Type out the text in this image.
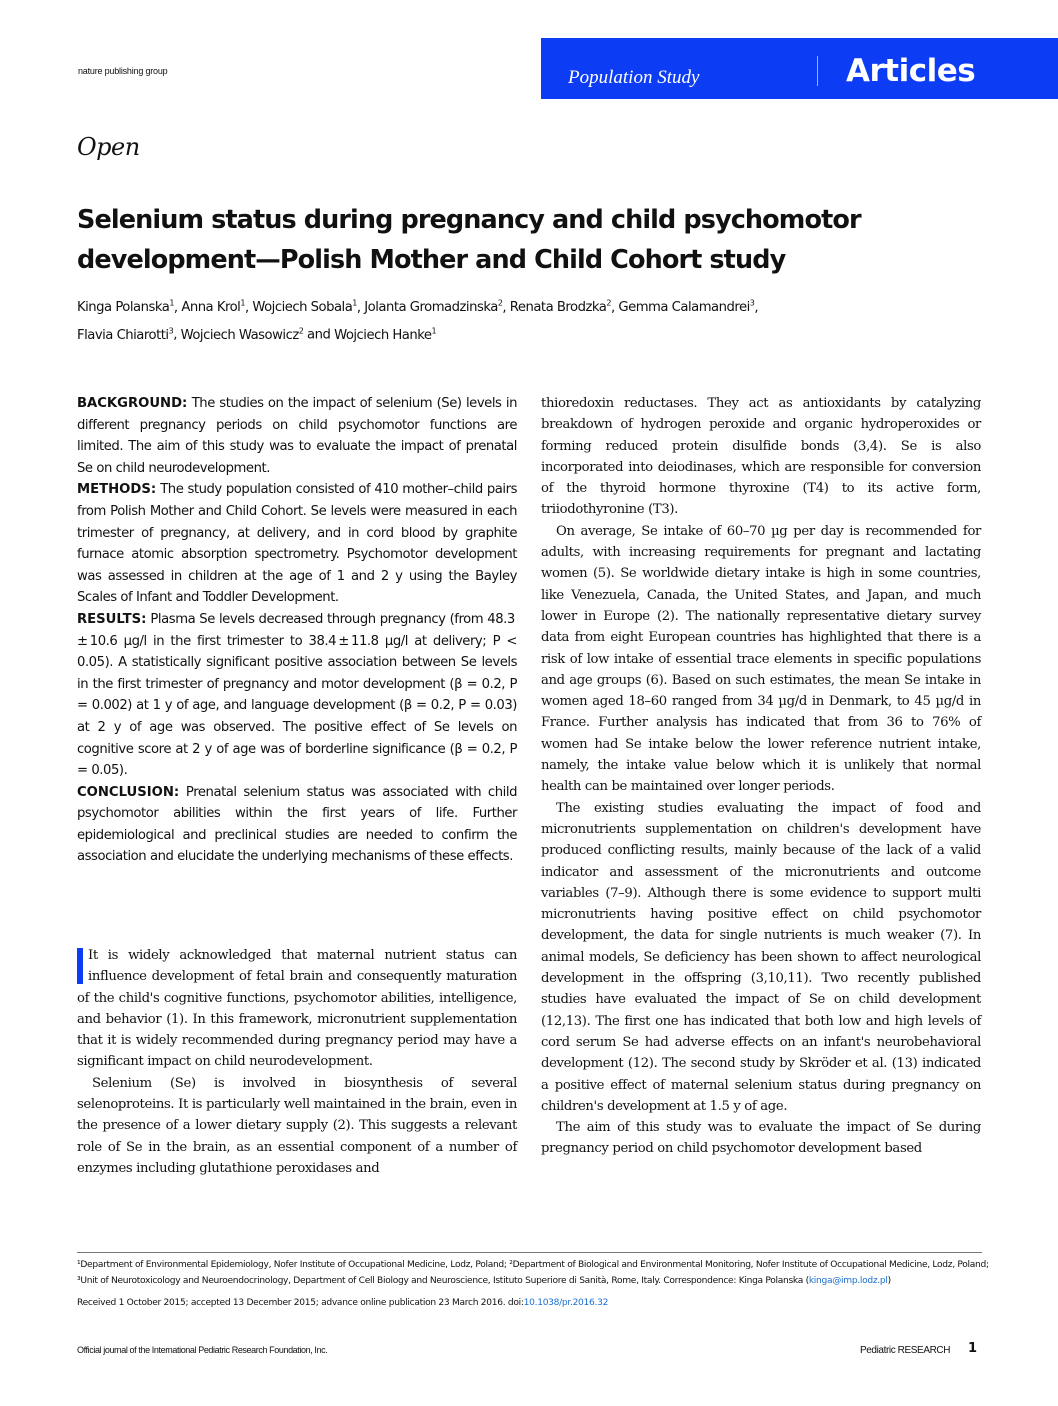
nature publishing group	Population Study	Articles
Open
Selenium status during pregnancy and child psychomotor
development—Polish Mother and Child Cohort study
Kinga Polanska$^1$, Anna Krol$^1$, Wojciech Sobala$^1$, Jolanta Gromadzinska$^2$, Renata Brodzka$^2$, Gemma Calamandrei$^3$,
Flavia Chiarotti$^3$, Wojciech Wasowicz$^2$ and Wojciech Hanke$^1$

BACKGROUND: The studies on the impact of selenium (Se) levels in different pregnancy periods on child psychomotor functions are limited. The aim of this study was to evaluate the impact of prenatal Se on child neurodevelopment.

METHODS: The study population consisted of 410 mother–child pairs from Polish Mother and Child Cohort. Se levels were measured in each trimester of pregnancy, at delivery, and in cord blood by graphite furnace atomic absorption spectrometry. Psychomotor development was assessed in children at the age of 1 and 2 y using the Bayley Scales of Infant and Toddler Development.

RESULTS: Plasma Se levels decreased through pregnancy (from 48.3 ± 10.6 µg/l in the first trimester to 38.4 ± 11.8 µg/l at delivery; P < 0.05). A statistically significant positive association between Se levels in the first trimester of pregnancy and motor development (β = 0.2, P = 0.002) at 1 y of age, and language development (β = 0.2, P = 0.03) at 2 y of age was observed. The positive effect of Se levels on cognitive score at 2 y of age was of borderline significance (β = 0.2, P = 0.05).

CONCLUSION: Prenatal selenium status was associated with child psychomotor abilities within the first years of life. Further epidemiological and preclinical studies are needed to confirm the association and elucidate the underlying mechanisms of these effects.

It is widely acknowledged that maternal nutrient status can influence development of fetal brain and consequently maturation of the child's cognitive functions, psychomotor abilities, intelligence, and behavior (1). In this framework, micronutrient supplementation that it is widely recommended during pregnancy period may have a significant impact on child neurodevelopment.

Selenium (Se) is involved in biosynthesis of several selenoproteins. It is particularly well maintained in the brain, even in the presence of a lower dietary supply (2). This suggests a relevant role of Se in the brain, as an essential component of a number of enzymes including glutathione peroxidases and

thioredoxin reductases. They act as antioxidants by catalyzing breakdown of hydrogen peroxide and organic hydroperoxides or forming reduced protein disulfide bonds (3,4). Se is also incorporated into deiodinases, which are responsible for conversion of the thyroid hormone thyroxine (T4) to its active form, triiodothyronine (T3).

On average, Se intake of 60–70 µg per day is recommended for adults, with increasing requirements for pregnant and lactating women (5). Se worldwide dietary intake is high in some countries, like Venezuela, Canada, the United States, and Japan, and much lower in Europe (2). The nationally representative dietary survey data from eight European countries has highlighted that there is a risk of low intake of essential trace elements in specific populations and age groups (6). Based on such estimates, the mean Se intake in women aged 18–60 ranged from 34 µg/d in Denmark, to 45 µg/d in France. Further analysis has indicated that from 36 to 76% of women had Se intake below the lower reference nutrient intake, namely, the intake value below which it is unlikely that normal health can be maintained over longer periods.

The existing studies evaluating the impact of food and micronutrients supplementation on children's development have produced conflicting results, mainly because of the lack of a valid indicator and assessment of the micronutrients and outcome variables (7–9). Although there is some evidence to support multi micronutrients having positive effect on child psychomotor development, the data for single nutrients is much weaker (7). In animal models, Se deficiency has been shown to affect neurological development in the offspring (3,10,11). Two recently published studies have evaluated the impact of Se on child development (12,13). The first one has indicated that both low and high levels of cord serum Se had adverse effects on an infant's neurobehavioral development (12). The second study by Skröder et al. (13) indicated a positive effect of maternal selenium status during pregnancy on children's development at 1.5 y of age.

The aim of this study was to evaluate the impact of Se during pregnancy period on child psychomotor development based

¹Department of Environmental Epidemiology, Nofer Institute of Occupational Medicine, Lodz, Poland; ²Department of Biological and Environmental Monitoring, Nofer Institute of Occupational Medicine, Lodz, Poland; ³Unit of Neurotoxicology and Neuroendocrinology, Department of Cell Biology and Neuroscience, Istituto Superiore di Sanità, Rome, Italy. Correspondence: Kinga Polanska (kinga@imp.lodz.pl)

Received 1 October 2015; accepted 13 December 2015; advance online publication 23 March 2016. doi:10.1038/pr.2016.32

Official journal of the International Pediatric Research Foundation, Inc.	Pediatric RESEARCH 1
